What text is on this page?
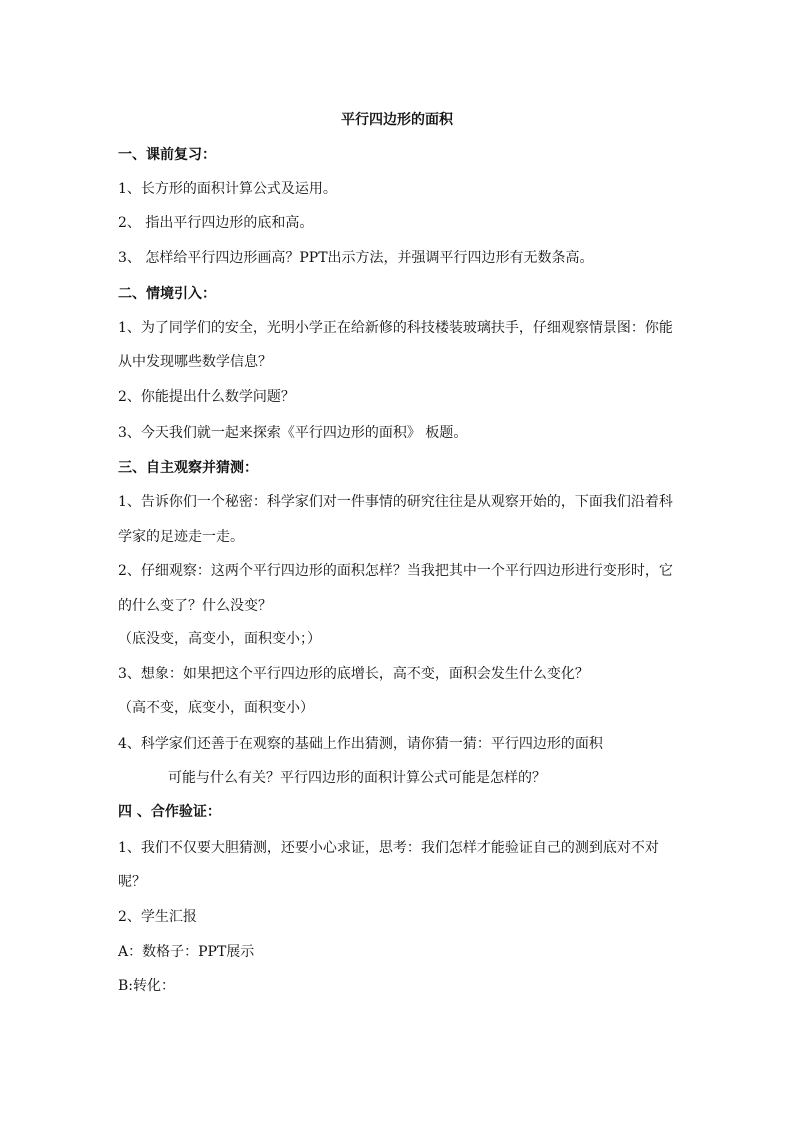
平行四边形的面积
一、课前复习：
1、长方形的面积计算公式及运用。
2、 指出平行四边形的底和高。
3、 怎样给平行四边形画高？PPT出示方法，并强调平行四边形有无数条高。
二、情境引入：
1、为了同学们的安全，光明小学正在给新修的科技楼装玻璃扶手，仔细观察情景图：你能
从中发现哪些数学信息？
2、你能提出什么数学问题？
3、今天我们就一起来探索《平行四边形的面积》 板题。
三、自主观察并猜测：
1、告诉你们一个秘密：科学家们对一件事情的研究往往是从观察开始的，下面我们沿着科
学家的足迹走一走。
2、仔细观察：这两个平行四边形的面积怎样？当我把其中一个平行四边形进行变形时，它
的什么变了？什么没变？
（底没变，高变小，面积变小；）
3、想象：如果把这个平行四边形的底增长，高不变，面积会发生什么变化？
（高不变，底变小，面积变小）
4、科学家们还善于在观察的基础上作出猜测，请你猜一猜：平行四边形的面积
可能与什么有关？平行四边形的面积计算公式可能是怎样的？
四 、合作验证：
1、我们不仅要大胆猜测，还要小心求证，思考：我们怎样才能验证自己的测到底对不对
呢？
2、学生汇报
A：数格子：PPT展示
B:转化：
